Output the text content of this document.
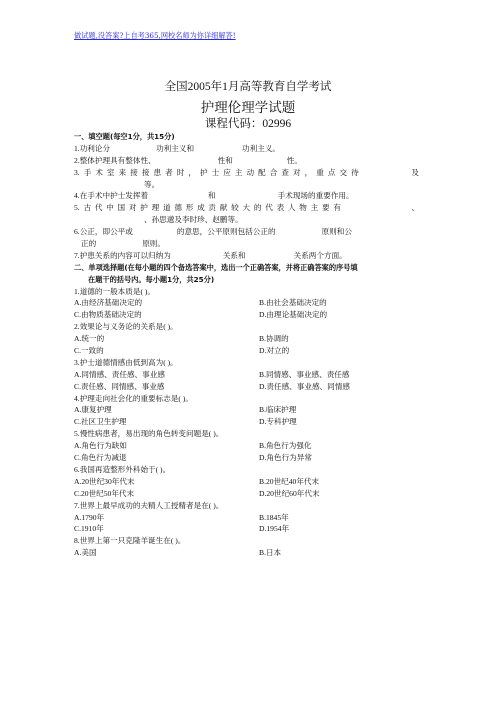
做试题,没答案?上自考365,网校名师为你详细解答!
全国2005年1月高等教育自学考试
护理伦理学试题
课程代码：02996
一、填空题(每空1分，共15分)
1.功利论分	功利主义和	功利主义。
2.整体护理具有整体性、	性和	性。
3. 手 术 室 来 接 接 患 者 时 ， 护 士 应 主 动 配 合 查 对 ， 重 点 交 待	及
等。
4.在手术中护士发挥着	和	手术现场的重要作用。
5. 古 代 中 国 对 护 理 道 德 形 成 贡 献 较 大 的 代 表 人 物 主 要 有	、
、孙思邈及李时珍、赵鹏等。
6.公正，即公平或	的意思，公平原则包括公正的	原则和公
正的	原则。
7.护患关系的内容可以归纳为	关系和	关系两个方面。
二、单项选择题(在每小题的四个备选答案中，选出一个正确答案，并将正确答案的序号填
在题干的括号内。每小题1分，共25分)
1.道德的一般本质是( )。
A.由经济基础决定的	B.由社会基础决定的
C.由物质基础决定的	D.由理论基础决定的
2.效果论与义务论的关系是( )。
A.统一的	B.协调的
C.一致的	D.对立的
3.护士道德情感由低到高为( )。
A.同情感、责任感、事业感	B.同情感、事业感、责任感
C.责任感、同情感、事业感	D.责任感、事业感、同情感
4.护理走向社会化的重要标志是( )。
A.康复护理	B.临床护理
C.社区卫生护理	D.专科护理
5.慢性病患者，易出现的角色转变问题是( )。
A.角色行为缺如	B.角色行为强化
C.角色行为减退	D.角色行为异常
6.我国再造整形外科始于( )。
A.20世纪30年代末	B.20世纪40年代末
C.20世纪50年代末	D.20世纪60年代末
7.世界上最早成功的夫精人工授精者是在( )。
A.1790年	B.1845年
C.1910年	D.1954年
8.世界上第一只克隆羊诞生在( )。
A.美国	B.日本
